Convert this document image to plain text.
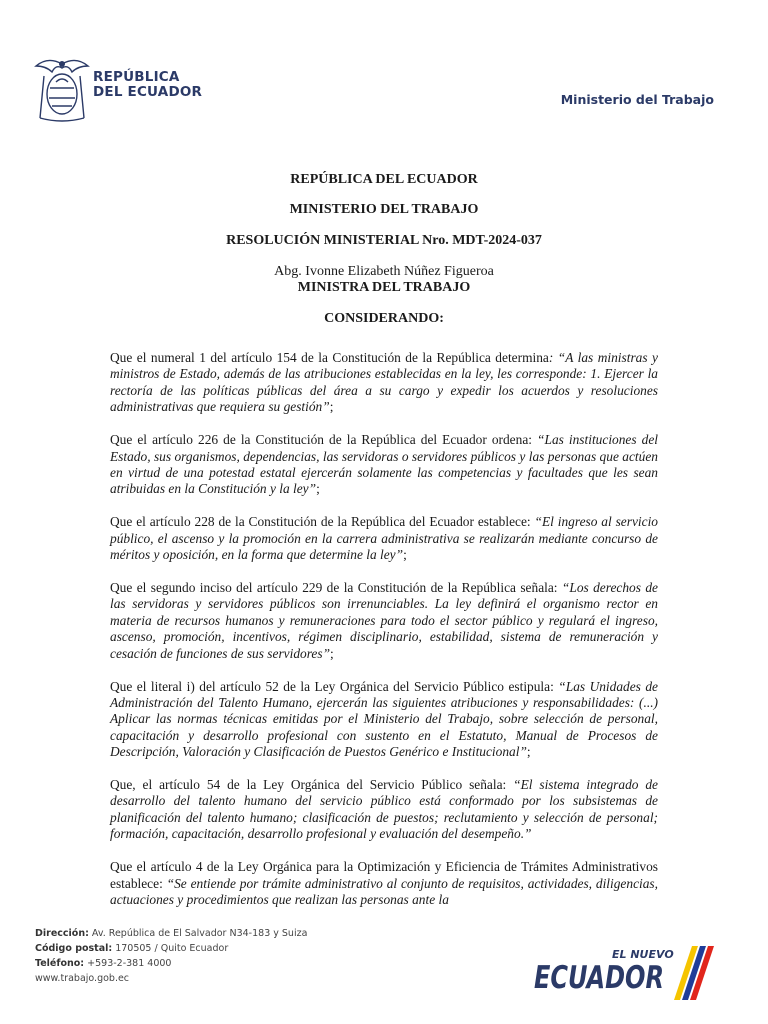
REPÚBLICA
DEL ECUADOR	Ministerio del Trabajo

REPÚBLICA DEL ECUADOR

MINISTERIO DEL TRABAJO

RESOLUCIÓN MINISTERIAL Nro. MDT-2024-037

Abg. Ivonne Elizabeth Núñez Figueroa

MINISTRA DEL TRABAJO

CONSIDERANDO:

Que el numeral 1 del artículo 154 de la Constitución de la República determina: “A las ministras y ministros de Estado, además de las atribuciones establecidas en la ley, les corresponde: 1. Ejercer la rectoría de las políticas públicas del área a su cargo y expedir los acuerdos y resoluciones administrativas que requiera su gestión”;

Que el artículo 226 de la Constitución de la República del Ecuador ordena: “Las instituciones del Estado, sus organismos, dependencias, las servidoras o servidores públicos y las personas que actúen en virtud de una potestad estatal ejercerán solamente las competencias y facultades que les sean atribuidas en la Constitución y la ley”;

Que el artículo 228 de la Constitución de la República del Ecuador establece: “El ingreso al servicio público, el ascenso y la promoción en la carrera administrativa se realizarán mediante concurso de méritos y oposición, en la forma que determine la ley”;

Que el segundo inciso del artículo 229 de la Constitución de la República señala: “Los derechos de las servidoras y servidores públicos son irrenunciables. La ley definirá el organismo rector en materia de recursos humanos y remuneraciones para todo el sector público y regulará el ingreso, ascenso, promoción, incentivos, régimen disciplinario, estabilidad, sistema de remuneración y cesación de funciones de sus servidores”;

Que el literal i) del artículo 52 de la Ley Orgánica del Servicio Público estipula: “Las Unidades de Administración del Talento Humano, ejercerán las siguientes atribuciones y responsabilidades: (...) Aplicar las normas técnicas emitidas por el Ministerio del Trabajo, sobre selección de personal, capacitación y desarrollo profesional con sustento en el Estatuto, Manual de Procesos de Descripción, Valoración y Clasificación de Puestos Genérico e Institucional”;

Que, el artículo 54 de la Ley Orgánica del Servicio Público señala: “El sistema integrado de desarrollo del talento humano del servicio público está conformado por los subsistemas de planificación del talento humano; clasificación de puestos; reclutamiento y selección de personal; formación, capacitación, desarrollo profesional y evaluación del desempeño.”

Que el artículo 4 de la Ley Orgánica para la Optimización y Eficiencia de Trámites Administrativos establece: “Se entiende por trámite administrativo al conjunto de requisitos, actividades, diligencias, actuaciones y procedimientos que realizan las personas ante la

Dirección: Av. República de El Salvador N34-183 y Suiza
Código postal: 170505 / Quito Ecuador
Teléfono: +593-2-381 4000
www.trabajo.gob.ec
EL NUEVO
ECUADOR
